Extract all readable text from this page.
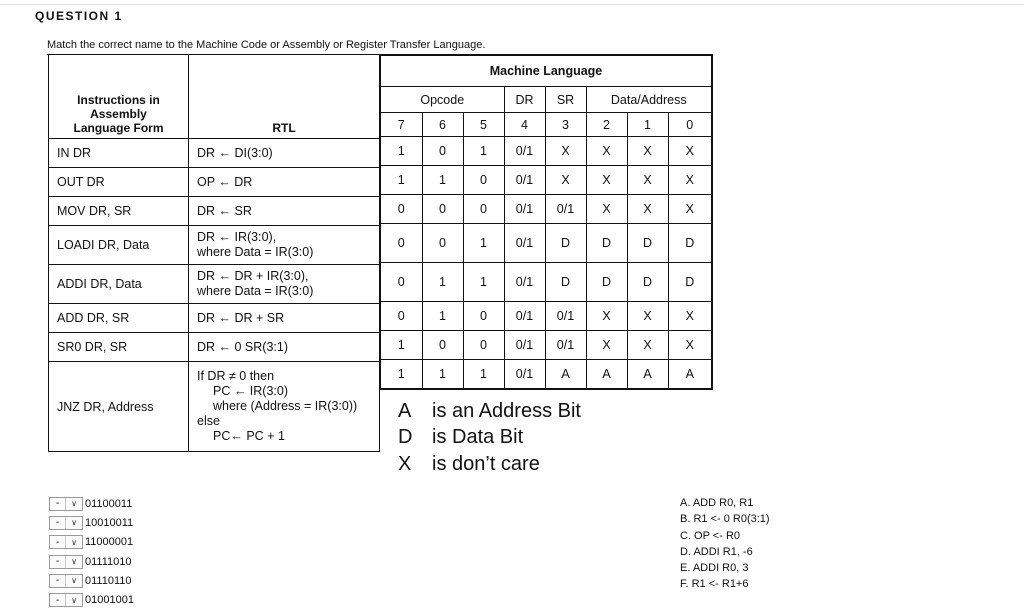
QUESTION 1
Match the correct name to the Machine Code or Assembly or Register Transfer Language.
Instructions in
Assembly
Language Form	RTL
IN DR	DR ← DI(3:0)

OUT DR	OP ← DR

MOV DR, SR	DR ← SR

LOADI DR, Data	DR ← IR(3:0),
where Data = IR(3:0)

ADDI DR, Data	DR ← DR + IR(3:0),
where Data = IR(3:0)

ADD DR, SR	DR ← DR + SR

SR0 DR, SR	DR ← 0 SR(3:1)

JNZ DR, Address	If DR ≠ 0 then
PC ← IR(3:0)
where (Address = IR(3:0))
else
PC← PC + 1
Machine Language							
Opcode			DR	SR	Data/Address		
7	6	5	4	3	2	1	0
1	0	1	0/1	X	X	X	X
1	1	0	0/1	X	X	X	X
0	0	0	0/1	0/1	X	X	X
0	0	1	0/1	D	D	D	D
0	1	1	0/1	D	D	D	D
0	1	0	0/1	0/1	X	X	X
1	0	0	0/1	0/1	X	X	X
1	1	1	0/1	A	A	A	A
A is an Address Bit
D is Data Bit
X is don’t care
-	∨ 01100011
-	∨ 10010011
-	∨ 11000001
-	∨ 01111010
-	∨ 01110110
-	∨ 01001001
A. ADD R0, R1
B. R1 <- 0 R0(3:1)
C. OP <- R0
D. ADDI R1, -6
E. ADDI R0, 3
F. R1 <- R1+6
